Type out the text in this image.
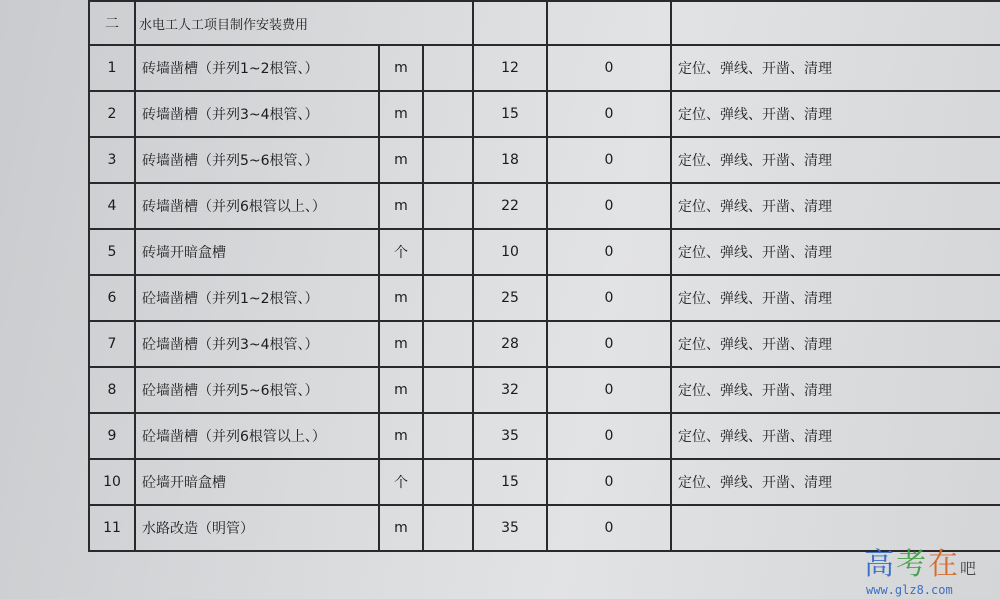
二	水电工人工项目制作安装费用					
1	砖墙凿槽（并列1~2根管、）	m		12	0	定位、弹线、开凿、清理
2	砖墙凿槽（并列3~4根管、）	m		15	0	定位、弹线、开凿、清理
3	砖墙凿槽（并列5~6根管、）	m		18	0	定位、弹线、开凿、清理
4	砖墙凿槽（并列6根管以上、）	m		22	0	定位、弹线、开凿、清理
5	砖墙开暗盒槽	个		10	0	定位、弹线、开凿、清理
6	砼墙凿槽（并列1~2根管、）	m		25	0	定位、弹线、开凿、清理
7	砼墙凿槽（并列3~4根管、）	m		28	0	定位、弹线、开凿、清理
8	砼墙凿槽（并列5~6根管、）	m		32	0	定位、弹线、开凿、清理
9	砼墙凿槽（并列6根管以上、）	m		35	0	定位、弹线、开凿、清理
10	砼墙开暗盒槽	个		15	0	定位、弹线、开凿、清理
11	水路改造（明管）	m		35	0	
高考在吧
www.glz8.com
